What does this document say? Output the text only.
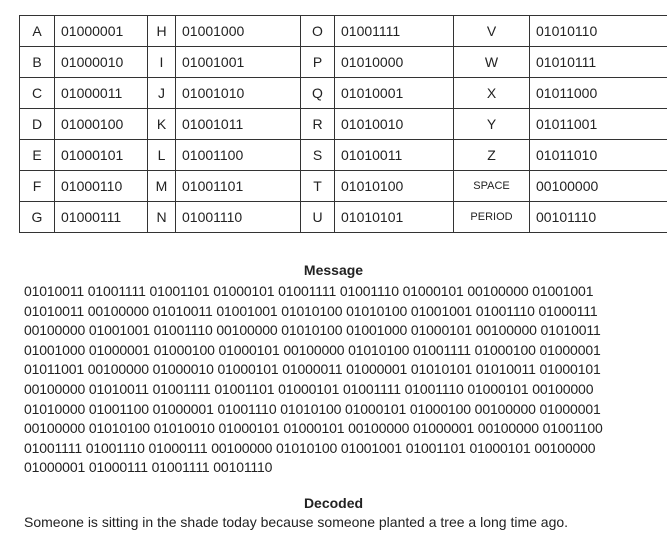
A	01000001	H	01001000	O	01001111	V	01010110
B	01000010	I	01001001	P	01010000	W	01010111
C	01000011	J	01001010	Q	01010001	X	01011000
D	01000100	K	01001011	R	01010010	Y	01011001
E	01000101	L	01001100	S	01010011	Z	01011010
F	01000110	M	01001101	T	01010100	SPACE	00100000
G	01000111	N	01001110	U	01010101	PERIOD	00101110
Message
01010011 01001111 01001101 01000101 01001111 01001110 01000101 00100000 01001001
01010011 00100000 01010011 01001001 01010100 01010100 01001001 01001110 01000111
00100000 01001001 01001110 00100000 01010100 01001000 01000101 00100000 01010011
01001000 01000001 01000100 01000101 00100000 01010100 01001111 01000100 01000001
01011001 00100000 01000010 01000101 01000011 01000001 01010101 01010011 01000101
00100000 01010011 01001111 01001101 01000101 01001111 01001110 01000101 00100000
01010000 01001100 01000001 01001110 01010100 01000101 01000100 00100000 01000001
00100000 01010100 01010010 01000101 01000101 00100000 01000001 00100000 01001100
01001111 01001110 01000111 00100000 01010100 01001001 01001101 01000101 00100000
01000001 01000111 01001111 00101110
Decoded
Someone is sitting in the shade today because someone planted a tree a long time ago.
